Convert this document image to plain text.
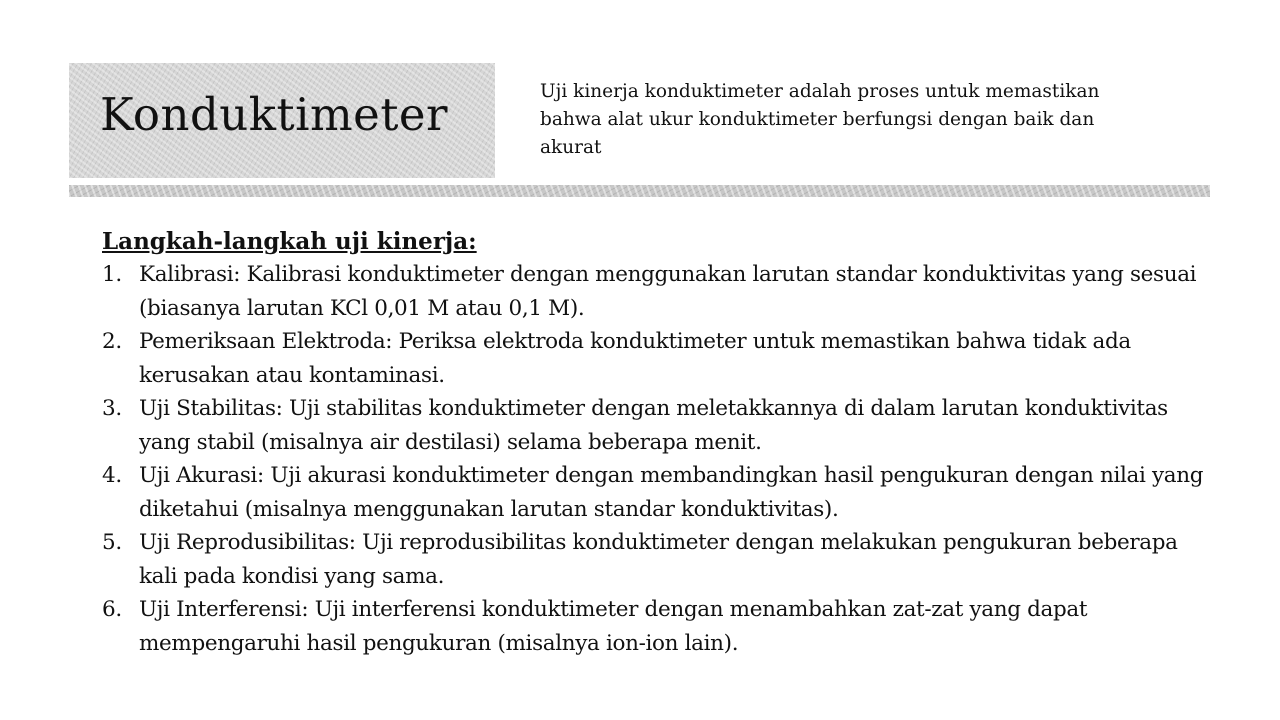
Konduktimeter	Uji kinerja konduktimeter adalah proses untuk memastikan bahwa alat ukur konduktimeter berfungsi dengan baik dan akurat

Langkah-langkah uji kinerja:

1. Kalibrasi: Kalibrasi konduktimeter dengan menggunakan larutan standar konduktivitas yang sesuai (biasanya larutan KCl 0,01 M atau 0,1 M).
2. Pemeriksaan Elektroda: Periksa elektroda konduktimeter untuk memastikan bahwa tidak ada kerusakan atau kontaminasi.
3. Uji Stabilitas: Uji stabilitas konduktimeter dengan meletakkannya di dalam larutan konduktivitas yang stabil (misalnya air destilasi) selama beberapa menit.
4. Uji Akurasi: Uji akurasi konduktimeter dengan membandingkan hasil pengukuran dengan nilai yang diketahui (misalnya menggunakan larutan standar konduktivitas).
5. Uji Reprodusibilitas: Uji reprodusibilitas konduktimeter dengan melakukan pengukuran beberapa kali pada kondisi yang sama.
6. Uji Interferensi: Uji interferensi konduktimeter dengan menambahkan zat-zat yang dapat mempengaruhi hasil pengukuran (misalnya ion-ion lain).
